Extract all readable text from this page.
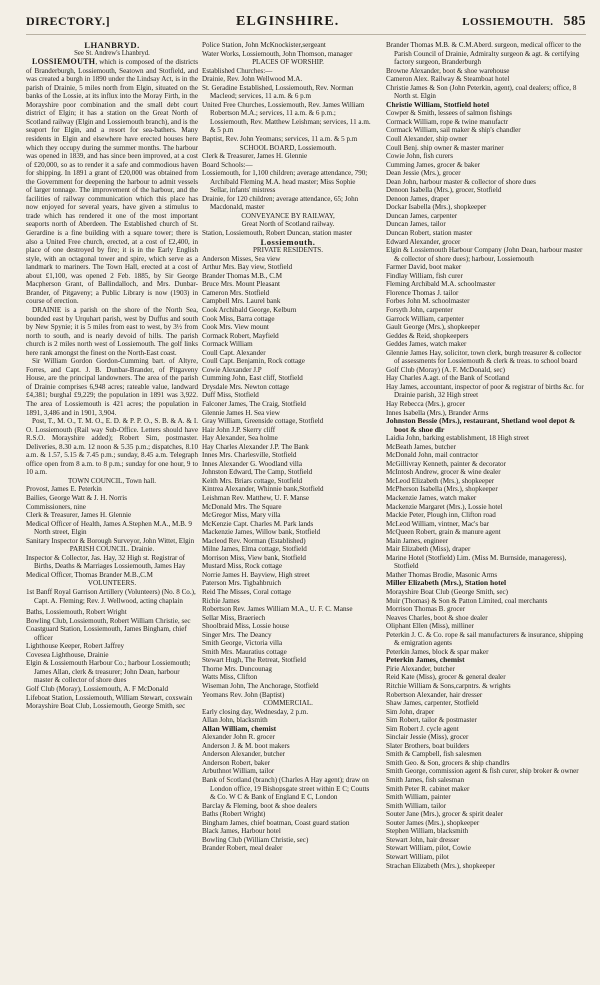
DIRECTORY.]	ELGINSHIRE.	LOSSIEMOUTH. 585

LHANBRYD.

See St. Andrew's Lhanbryd.

LOSSIEMOUTH, which is composed of the districts of Branderburgh, Lossiemouth, Seatown and Stotfield, and was created a burgh in 1890 under the Lindsay Act, is in the parish of Drainie, 5 miles north from Elgin, situated on the banks of the Lossie, at its influx into the Moray Firth, in the Morayshire poor combination and the small debt court district of Elgin; it has a station on the Great North of Scotland railway (Elgin and Lossiemouth branch), and is the seaport for Elgin, and a resort for sea-bathers. Many residents in Elgin and elsewhere have erected houses here which they occupy during the summer months. The harbour was opened in 1839, and has since been improved, at a cost of £20,000, so as to render it a safe and commodious haven for shipping. In 1891 a grant of £20,000 was obtained from the Government for deepening the harbour to admit vessels of larger tonnage. The improvement of the harbour, and the facilities of railway communication which this place has now enjoyed for several years, have given a stimulus to trade which has rendered it one of the most important seaports north of Aberdeen. The Established church of St. Gerardine is a fine building with a square tower; there is also a United Free church, erected, at a cost of £2,400, in place of one destroyed by fire; it is in the Early English style, with an octagonal tower and spire, which serve as a landmark to mariners. The Town Hall, erected at a cost of about £1,100, was opened 2 Feb. 1885, by Sir George Macpherson Grant, of Ballindalloch, and Mrs. Dunbar-Brander, of Pitgaveny; a Public Library is now (1903) in course of erection.

DRAINIE is a parish on the shore of the North Sea, bounded east by Urquhart parish, west by Duffus and south by New Spynie; it is 5 miles from east to west, by 3½ from north to south, and is nearly devoid of hills. The parish church is 2 miles north west of Lossiemouth. The golf links here rank amongst the finest on the North-East coast.

Sir William Gordon Gordon-Cumming bart. of Altyre, Forres, and Capt. J. B. Dunbar-Brander, of Pitgaveny House, are the principal landowners. The area of the parish of Drainie comprises 6,948 acres; rateable value, landward £4,381; burghal £9,229; the population in 1891 was 3,922. The area of Lossiemouth is 421 acres; the population in 1891, 3,486 and in 1901, 3,904.

Post, T., M. O., T. M. O., E. D. & P. P. O., S. B. & A. & I. O. Lossiemouth (Rail way Sub-Office. Letters should have R.S.O. Morayshire added); Robert Sim, postmaster. Deliveries, 8.30 a.m. 12 noon & 5.35 p.m.; dispatches, 8.10 a.m. & 1.57, 5.15 & 7.45 p.m.; sunday, 8.45 a.m. Telegraph office open from 8 a.m. to 8 p.m.; sunday for one hour, 9 to 10 a.m.

TOWN COUNCIL, Town hall.

Provost, James E. Peterkin

Bailies, George Watt & J. H. Norris

Commissioners, nine

Clerk & Treasurer, James H. Glennie

Medical Officer of Health, James A.Stephen M.A., M.B. 9 North street, Elgin

Sanitary Inspector & Borough Surveyor, John Wittet, Elgin

PARISH COUNCIL. Drainie.

Inspector & Collector, Jas. Hay, 32 High st. Registrar of Births, Deaths & Marriages Lossiemouth, James Hay

Medical Officer, Thomas Brander M.B.,C.M

VOLUNTEERS.

1st Banff Royal Garrison Artillery (Volunteers) (No. 8 Co.), Capt. A. Fleming; Rev. J. Wellwood, acting chaplain

Baths, Lossiemouth, Robert Wright

Bowling Club, Lossiemouth, Robert William Christie, sec

Coastguard Station, Lossiemouth, James Bingham, chief officer

Lighthouse Keeper, Robert Jaffrey

Covesea Lighthouse, Drainie

Elgin & Lossiemouth Harbour Co.; harbour Lossiemouth; James Allan, clerk & treasurer; John Dean, harbour master & collector of shore dues

Golf Club (Moray), Lossiemouth, A. F McDonald

Lifeboat Station, Lossiemouth, William Stewart, coxswain

Morayshire Boat Club, Lossiemouth, George Smith, sec

Police Station, John McKnockister,sergeant

Water Works, Lossiemouth, John Thomson, manager

PLACES OF WORSHIP.

Established Churches:—

Drainie, Rev. John Wellwood M.A.

St. Geradine Established, Lossiemouth, Rev. Norman Macleod; services, 11 a.m. & 6 p.m

United Free Churches, Lossiemouth, Rev. James William Robertson M.A.; services, 11 a.m. & 6 p.m.; Lossiemouth, Rev. Matthew Leishman; services, 11 a.m. & 5 p.m

Baptist, Rev. John Yeomans; services, 11 a.m. & 5 p.m

SCHOOL BOARD, Lossiemouth.

Clerk & Treasurer, James H. Glennie

Board Schools:—

Lossiemouth, for 1,100 children; average attendance, 790; Archibald Fleming M.A. head master; Miss Sophie Sellar, infants' mistress

Drainie, for 120 children; average attendance, 65; John Macdonald, master

CONVEYANCE BY RAILWAY,

Great North of Scotland railway.

Station, Lossiemouth, Robert Duncan, station master

Lossiemouth.

PRIVATE RESIDENTS.

Anderson Misses, Sea view

Arthur Mrs. Bay view, Stotfield

Brander Thomas M.B., C.M

Bruce Mrs. Mount Pleasant

Cameron Mrs. Stotfield

Campbell Mrs. Laurel bank

Cook Archibald George, Kelburn

Cook Miss, Barra cottage

Cook Mrs. View mount

Cormack Robert, Mayfield

Cormack William

Coull Capt. Alexander

Coull Capt. Benjamin, Rock cottage

Cowie Alexander J.P

Cumming John, East cliff, Stotfield

Drysdale Mrs. Newton cottage

Duff Miss, Stotfield

Falconer James, The Craig, Stotfield

Glennie James H. Sea view

Gray William, Greenside cottage, Stotfield

Hair John J.P. Skerry cliff

Hay Alexander, Sea holme

Hay Charles Alexander J.P. The Bank

Innes Mrs. Charlesville, Stotfield

Innes Alexander G. Woodland villa

Johnston Edward, The Camp, Stotfield

Keith Mrs. Briars cottage, Stotfield

Kintrea Alexander, Whinnie bank,Stotfield

Leishman Rev. Matthew, U. F. Manse

McDonald Mrs. The Square

McGregor Miss, Mary villa

McKenzie Capt. Charles M. Park lands

Mackenzie James, Willow bank, Stotfield

Macleod Rev. Norman (Established)

Milne James, Elma cottage, Stotfield

Morrison Miss, View bank, Stotfield

Mustard Miss, Rock cottage

Norrie James H. Bayview, High street

Paterson Mrs. Tigbahbruich

Reid The Misses, Coral cottage

Richie James

Robertson Rev. James William M.A., U. F. C. Manse

Sellar Miss, Braeriech

Shoolbraid Miss, Lossie house

Singer Mrs. The Deancy

Smith George, Victoria villa

Smith Mrs. Mauratius cottage

Stewart Hugh, The Retreat, Stotfield

Thorne Mrs. Duncounag

Watts Miss, Clifton

Wiseman John, The Anchorage, Stotfield

Yeomans Rev. John (Baptist)

COMMERCIAL.

Early closing day, Wednesday, 2 p.m.

Allan John, blacksmith

Allan William, chemist

Alexander John R. grocer

Anderson J. & M. boot makers

Anderson Alexander, butcher

Anderson Robert, baker

Arbuthnot William, tailor

Bank of Scotland (branch) (Charles A Hay agent); draw on London office, 19 Bishopsgate street within E C; Coutts & Co. W C & Bank of England E C, London

Barclay & Fleming, boot & shoe dealers

Baths (Robert Wright)

Bingham James, chief boatman, Coast guard station

Black James, Harbour hotel

Bowling Club (William Christie, sec)

Brander Robert, meal dealer

Brander Thomas M.B. & C.M.Aberd. surgeon, medical officer to the Parish Council of Drainie, Admiralty surgeon & agt. & certifying factory surgeon, Branderburgh

Browne Alexander, boot & shoe warehouse

Cameron Alex. Railway & Steamboat hotel

Christie James & Son (John Peterkin, agent), coal dealers; office, 8 North st. Elgin

Christie William, Stotfield hotel

Cowper & Smith, lessees of salmon fishings

Cormack William, rope & twine manufactr

Cormack William, sail maker & ship's chandler

Coull Alexander, ship owner

Coull Benj. ship owner & master mariner

Cowie John, fish curers

Cumming James, grocer & baker

Dean Jessie (Mrs.), grocer

Dean John, harbour master & collector of shore dues

Denoon Isabella (Mrs.), grocer, Stotfield

Denoon James, draper

Dockar Isabella (Mrs.), shopkeeper

Duncan James, carpenter

Duncan James, tailor

Duncan Robert, station master

Edward Alexander, grocer

Elgin & Lossiemouth Harbour Company (John Dean, harbour master & collector of shore dues); harbour, Lossiemouth

Farmer David, boot maker

Findlay William, fish curer

Fleming Archibald M.A. schoolmaster

Florence Thomas J. tailor

Forbes John M. schoolmaster

Forsyth John, carpenter

Garrock William, carpenter

Gault George (Mrs.), shopkeeper

Geddes & Reid, shopkeepers

Geddes James, watch maker

Glennie James Hay, solicitor, town clerk, burgh treasurer & collector of assessments for Lossiemouth & clerk & treas. to school board

Golf Club (Moray) (A. F. McDonald, sec)

Hay Charles A.agt. of the Bank of Scotland

Hay James, accountant, inspector of poor & registrar of births &c. for Drainie parish, 32 High street

Hay Rebecca (Mrs.), grocer

Innes Isabella (Mrs.), Brander Arms

Johnston Bessie (Mrs.), restaurant, Shetland wool depot & boot & shoe dlr

Laidia John, barking establishment, 18 High street

McBeath James, butcher

McDonald John, mail contractor

McGillivray Kenneth, painter & decorator

McIntosh Andrew, grocer & wine dealer

McLeod Elizabeth (Mrs.), shopkeeper

McPherson Isabella (Mrs.), shopkeeper

Mackenzie James, watch maker

Mackenzie Margaret (Mrs.), Lossie hotel

Mackie Peter, Plough inn, Clifton road

McLeod William, vintner, Mac's bar

McQueen Robert, grain & manure agent

Main James, engineer

Mair Elizabeth (Miss), draper

Marine Hotel (Stotfield) Lim. (Miss M. Burnside, manageress), Stotfield

Mather Thomas Brodie, Masonic Arms

Miller Elizabeth (Mrs.), Station hotel

Morayshire Boat Club (George Smith, sec)

Muir (Thomas) & Son & Patton Limited, coal merchants

Morrison Thomas B. grocer

Neaves Charles, boot & shoe dealer

Oliphant Ellen (Miss), milliner

Peterkin J. C. & Co. rope & sail manufacturers & insurance, shipping & emigration agents

Peterkin James, block & spar maker

Peterkin James, chemist

Pirie Alexander, butcher

Reid Kate (Miss), grocer & general dealer

Ritchie William & Sons,carpntrs. & wrights

Robertson Alexander, hair dresser

Shaw James, carpenter, Stotfield

Sim John, draper

Sim Robert, tailor & postmaster

Sim Robert J. cycle agent

Sinclair Jessie (Miss), grocer

Slater Brothers, boat builders

Smith & Campbell, fish salesmen

Smith Geo. & Son, grocers & ship chandlrs

Smith George, commission agent & fish curer, ship broker & owner

Smith James, fish salesman

Smith Peter R. cabinet maker

Smith William, painter

Smith William, tailor

Souter Jane (Mrs.), grocer & spirit dealer

Souter James (Mrs.), shopkeeper

Stephen William, blacksmith

Stewart John, hair dresser

Stewart William, pilot, Cowie

Stewart William, pilot

Strachan Elizabeth (Mrs.), shopkeeper
